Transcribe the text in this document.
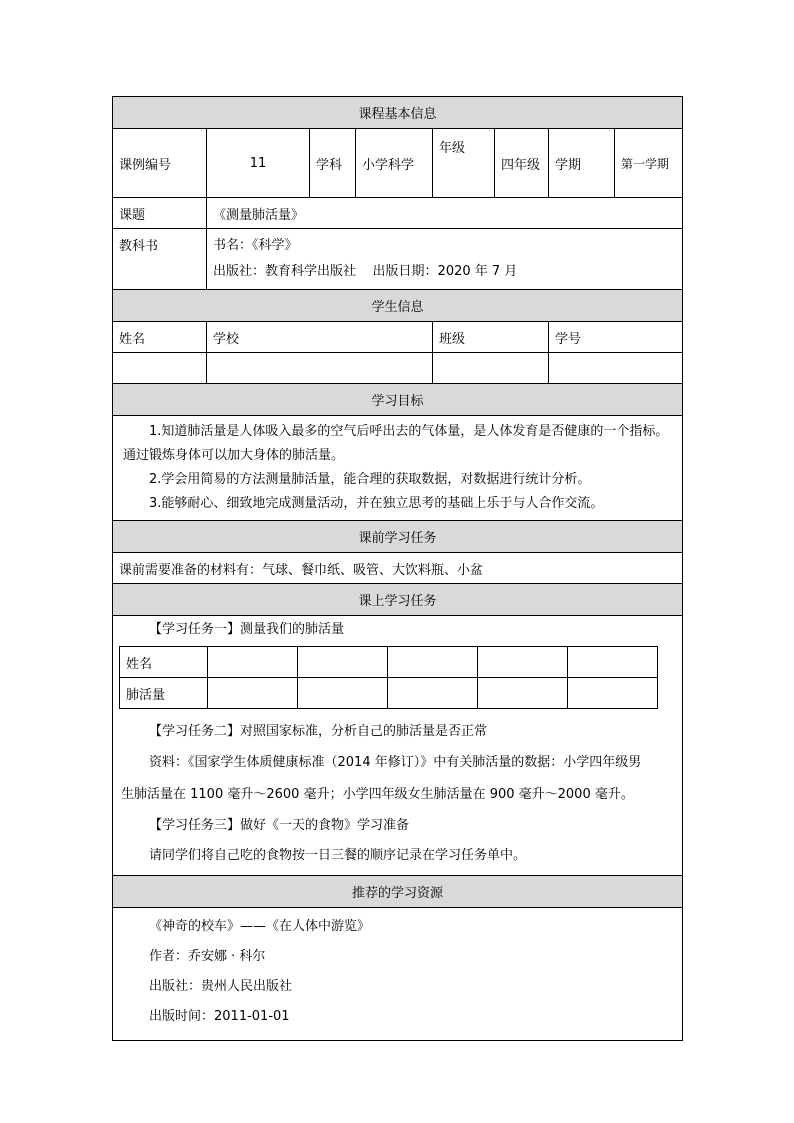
课程基本信息
课例编号	11	学科	小学科学	年级	四年级	学期	第一学期
课题	《测量肺活量》
教科书	书名：《科学》
出版社：教育科学出版社 出版日期：2020 年 7 月

学生信息
姓名	学校	班级	学号

学习目标

1.知道肺活量是人体吸入最多的空气后呼出去的气体量，是人体发育是否健康的一个指标。通过锻炼身体可以加大身体的肺活量。

2.学会用简易的方法测量肺活量，能合理的获取数据，对数据进行统计分析。

3.能够耐心、细致地完成测量活动，并在独立思考的基础上乐于与人合作交流。

课前学习任务
课前需要准备的材料有：气球、餐巾纸、吸管、大饮料瓶、小盆
课上学习任务

【学习任务一】测量我们的肺活量

姓名					
肺活量					

【学习任务二】对照国家标准，分析自己的肺活量是否正常

资料：《国家学生体质健康标准（2014 年修订）》中有关肺活量的数据：小学四年级男

生肺活量在 1100 毫升～2600 毫升；小学四年级女生肺活量在 900 毫升～2000 毫升。

【学习任务三】做好《一天的食物》学习准备

请同学们将自己吃的食物按一日三餐的顺序记录在学习任务单中。

推荐的学习资源

《神奇的校车》——《在人体中游览》

作者：乔安娜 · 科尔

出版社：贵州人民出版社

出版时间：2011-01-01
